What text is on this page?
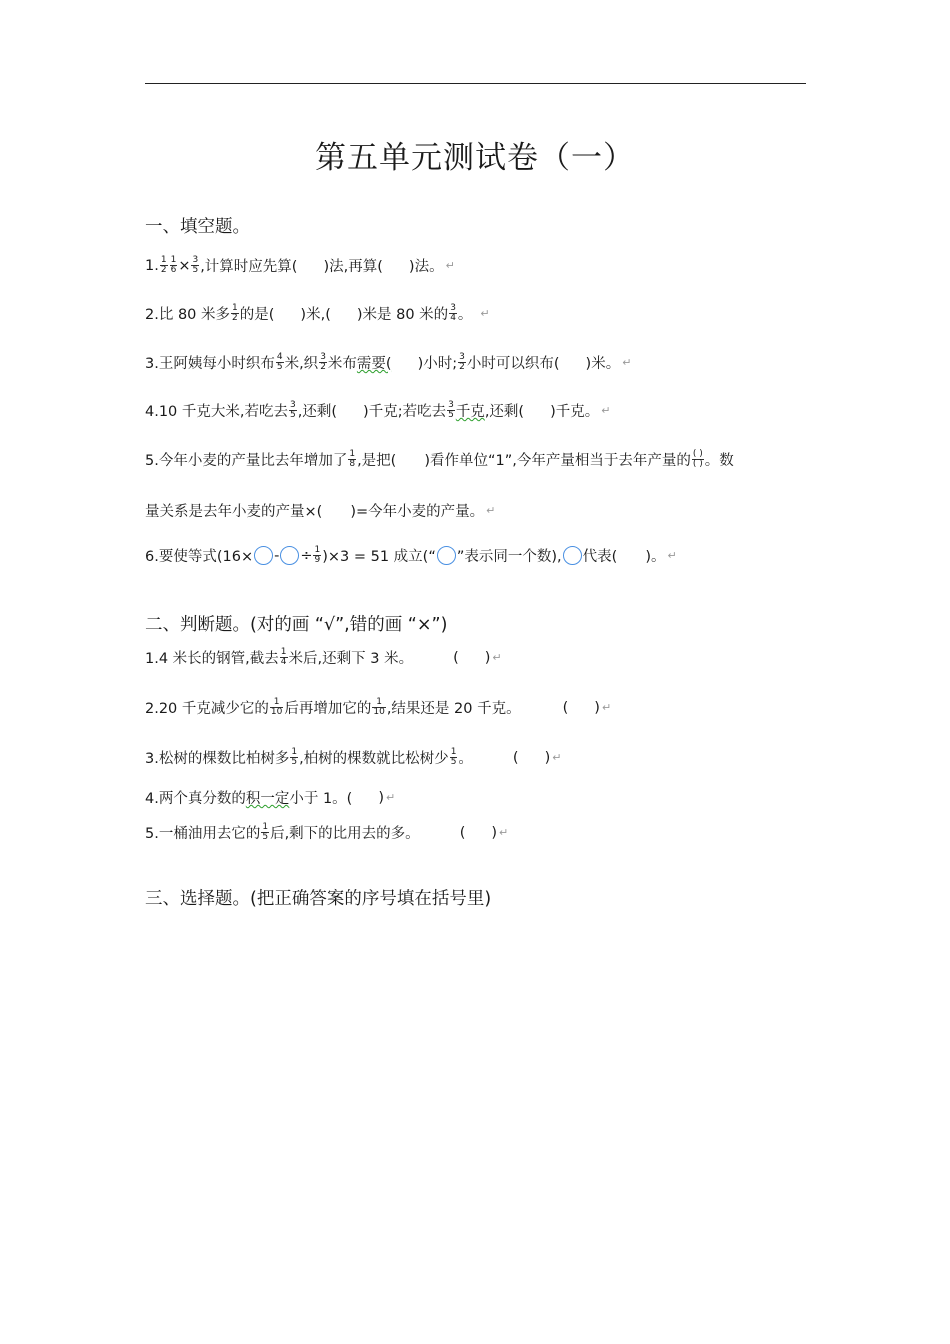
第五单元测试卷（一）
一、填空题。
1. $\frac{1}{2} \frac{1}{6} \times \frac{3}{5}$ ,计算时应先算( )法,再算( )法。 ↵
2.比 80 米多 $\frac{1}{2}$ 的是( )米,( )米是 80 米的 $\frac{3}{4}$ 。 ↵
3.王阿姨每小时织布 $\frac{4}{5}$ 米,织 $\frac{3}{2}$ 米布 需要( )小时; $\frac{3}{2}$ 小时可以织布( )米。 ↵
4.10 千克大米,若吃去 $\frac{3}{5}$ ,还剩( )千克;若吃去 $\frac{3}{5}$ 千克 ,还剩( )千克。 ↵
5.今年小麦的产量比去年增加了 $\frac{1}{8}$ ,是把( )看作单位“1”,今年产量相当于去年产量的 $\frac{( )}{( )}$ 。数
量关系是去年小麦的产量×( )=今年小麦的产量。 ↵
6.要使等式(16× - ÷ $\frac{1}{9} )\times 3 = 51$ 成立(“ ”表示同一个数), 代表( )。 ↵
二、判断题。(对的画 “√”,错的画 “×”)
1.4 米长的钢管,截去 $\frac{1}{4}$ 米后,还剩下 3 米。	( ) ↵
2.20 千克减少它的 $\frac{1}{10}$ 后再增加它的 $\frac{1}{10}$ ,结果还是 20 千克。	( ) ↵
3.松树的棵数比柏树多 $\frac{1}{5}$ ,柏树的棵数就比松树少 $\frac{1}{5}$ 。	( ) ↵
4.两个真分数的 积一定 小于 1。( ) ↵
5.一桶油用去它的 $\frac{1}{5}$ 后,剩下的比用去的多。	( ) ↵
三、选择题。(把正确答案的序号填在括号里)
